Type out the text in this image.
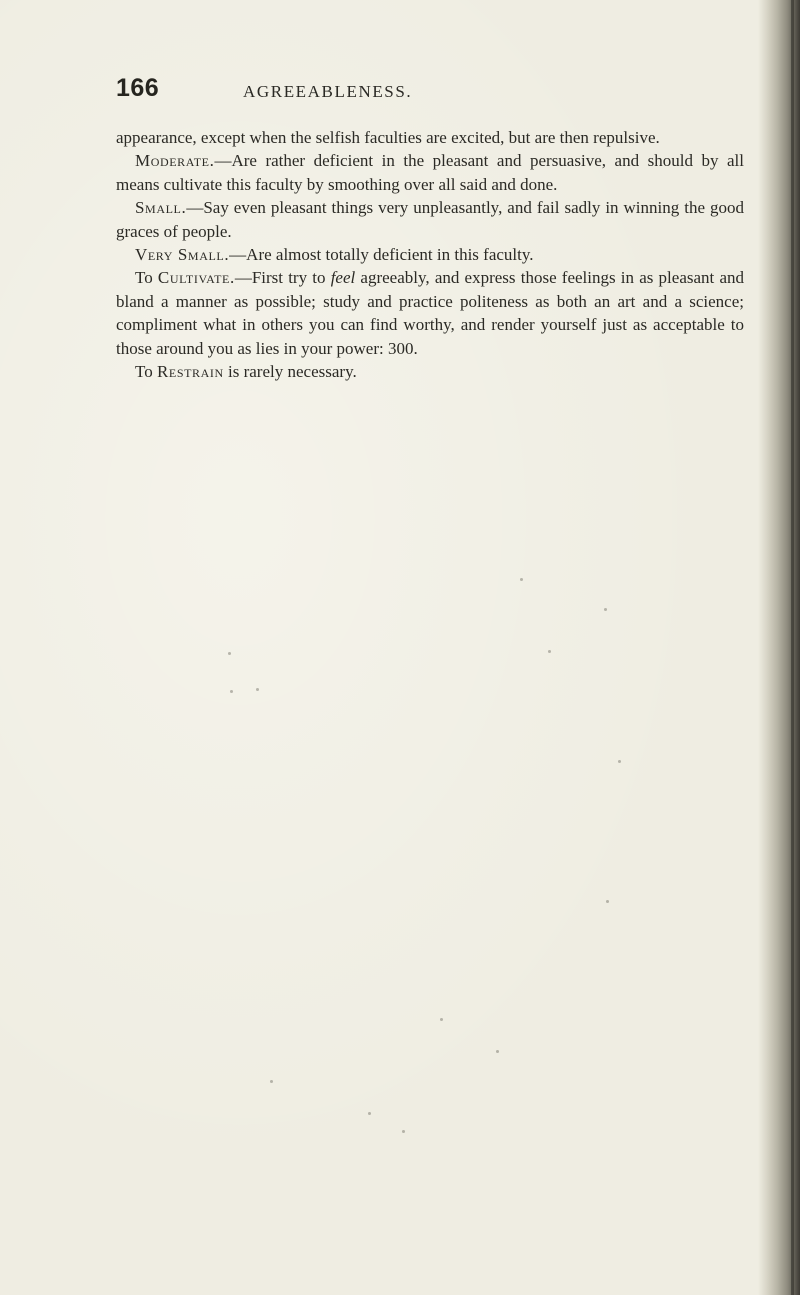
166	AGREEABLENESS.

appearance, except when the selfish faculties are excited, but are then repulsive.

Moderate.—Are rather deficient in the pleasant and persuasive, and should by all means cultivate this faculty by smoothing over all said and done.

Small.—Say even pleasant things very unpleasantly, and fail sadly in winning the good graces of people.

Very Small.—Are almost totally deficient in this faculty.

To Cultivate.—First try to feel agreeably, and express those feelings in as pleasant and bland a manner as possible; study and practice politeness as both an art and a science; compliment what in others you can find worthy, and render yourself just as acceptable to those around you as lies in your power: 300.

To Restrain is rarely necessary.
